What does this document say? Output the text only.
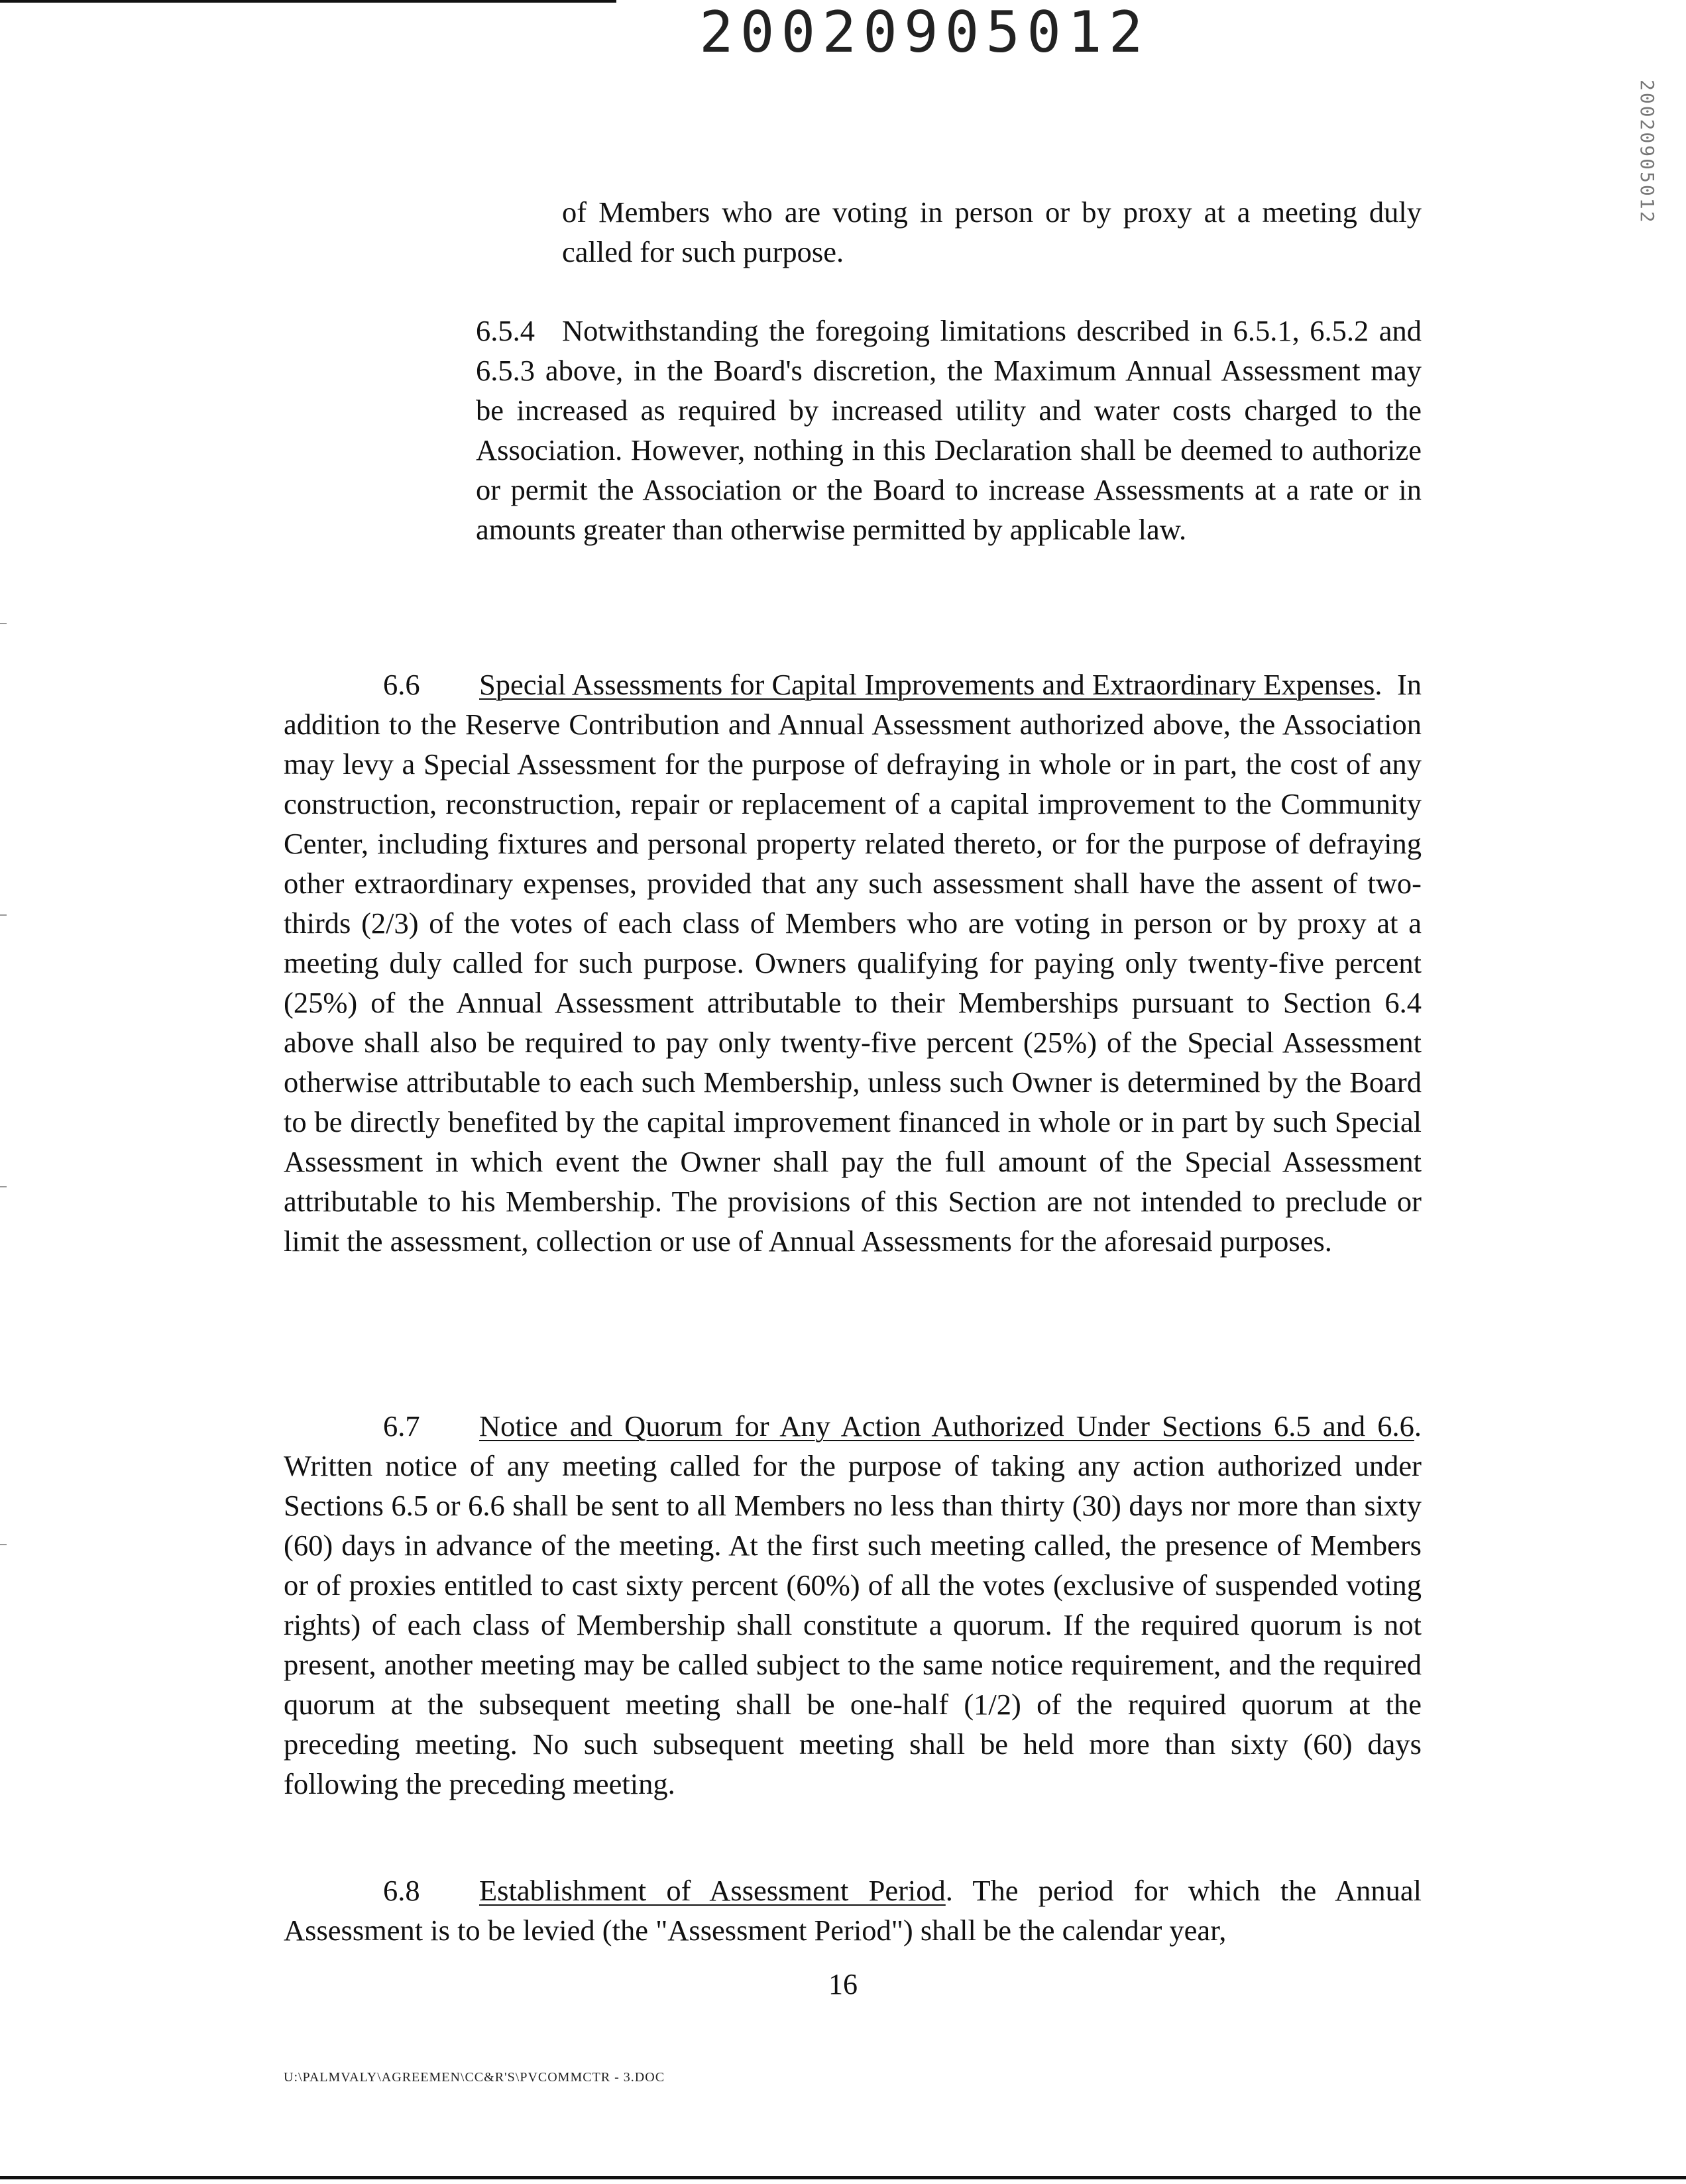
20020905012
20020905012

of Members who are voting in person or by proxy at a meeting duly called for such purpose.

6.5.4 Notwithstanding the foregoing limitations described in 6.5.1, 6.5.2 and 6.5.3 above, in the Board's discretion, the Maximum Annual Assessment may be increased as required by increased utility and water costs charged to the Association. However, nothing in this Declaration shall be deemed to authorize or permit the Association or the Board to increase Assessments at a rate or in amounts greater than otherwise permitted by applicable law.

6.6 Special Assessments for Capital Improvements and Extraordinary Expenses.  In addition to the Reserve Contribution and Annual Assessment authorized above, the Association may levy a Special Assessment for the purpose of defraying in whole or in part, the cost of any construction, reconstruction, repair or replacement of a capital improvement to the Community Center, including fixtures and personal property related thereto, or for the purpose of defraying other extraordinary expenses, provided that any such assessment shall have the assent of two-thirds (2/3) of the votes of each class of Members who are voting in person or by proxy at a meeting duly called for such purpose. Owners qualifying for paying only twenty-five percent (25%) of the Annual Assessment attributable to their Memberships pursuant to Section 6.4 above shall also be required to pay only twenty-five percent (25%) of the Special Assessment otherwise attributable to each such Membership, unless such Owner is determined by the Board to be directly benefited by the capital improvement financed in whole or in part by such Special Assessment in which event the Owner shall pay the full amount of the Special Assessment attributable to his Membership. The provisions of this Section are not intended to preclude or limit the assessment, collection or use of Annual Assessments for the aforesaid purposes.

6.7 Notice and Quorum for Any Action Authorized Under Sections 6.5 and 6.6. Written notice of any meeting called for the purpose of taking any action authorized under Sections 6.5 or 6.6 shall be sent to all Members no less than thirty (30) days nor more than sixty (60) days in advance of the meeting. At the first such meeting called, the presence of Members or of proxies entitled to cast sixty percent (60%) of all the votes (exclusive of suspended voting rights) of each class of Membership shall constitute a quorum. If the required quorum is not present, another meeting may be called subject to the same notice requirement, and the required quorum at the subsequent meeting shall be one-half (1/2) of the required quorum at the preceding meeting. No such subsequent meeting shall be held more than sixty (60) days following the preceding meeting.

6.8 Establishment of Assessment Period. The period for which the Annual Assessment is to be levied (the "Assessment Period") shall be the calendar year,

16
U:\PALMVALY\AGREEMEN\CC&R'S\PVCOMMCTR - 3.DOC
